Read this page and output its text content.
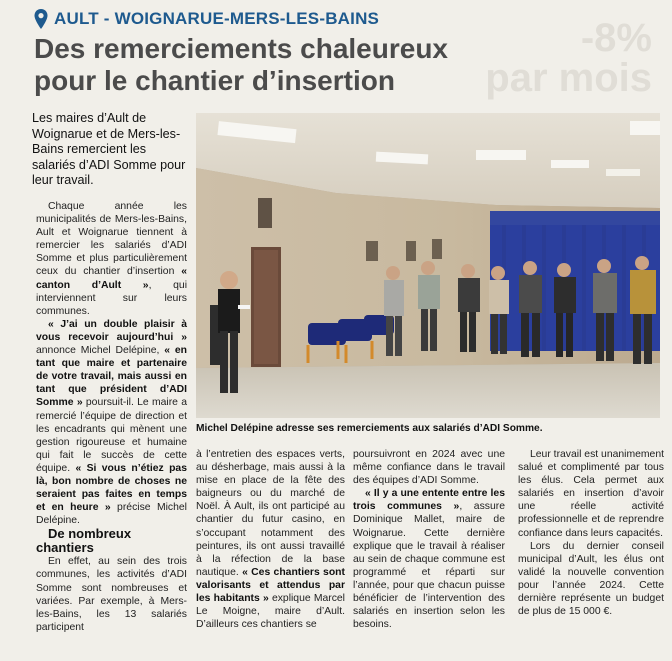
-8%
par mois
AULT - WOIGNARUE-MERS-LES-BAINS
Des remerciements chaleureux
pour le chantier d’insertion
Les maires d’Ault de Woignarue et de Mers-les-Bains remercient les salariés d’ADI Somme pour leur travail.
Michel Delépine adresse ses remerciements aux salariés d’ADI Somme.

Chaque année les municipalités de Mers-les-Bains, Ault et Woignarue tiennent à remercier les salariés d’ADI Somme et plus particulièrement ceux du chantier d’insertion « canton d’Ault », qui interviennent sur leurs communes.

« J’ai un double plaisir à vous recevoir aujourd’hui » annonce Michel Delépine, « en tant que maire et partenaire de votre travail, mais aussi en tant que président d’ADI Somme » poursuit-il. Le maire a remercié l’équipe de direction et les encadrants qui mènent une gestion rigoureuse et humaine qui fait le succès de cette équipe. « Si vous n’étiez pas là, bon nombre de choses ne seraient pas faites en temps et en heure » précise Michel Delépine.

De nombreux chantiers

En effet, au sein des trois communes, les activités d’ADI Somme sont nombreuses et variées. Par exemple, à Mers-les-Bains, les 13 salariés participent

à l’entretien des espaces verts, au désherbage, mais aussi à la mise en place de la fête des baigneurs ou du marché de Noël. À Ault, ils ont participé au chantier du futur casino, en s’occupant notamment des peintures, ils ont aussi travaillé à la réfection de la base nautique. « Ces chantiers sont valorisants et attendus par les habitants » explique Marcel Le Moigne, maire d’Ault. D’ailleurs ces chantiers se

poursuivront en 2024 avec une même confiance dans le travail des équipes d’ADI Somme.

« Il y a une entente entre les trois communes », assure Dominique Mallet, maire de Woignarue. Cette dernière explique que le travail à réaliser au sein de chaque commune est programmé et réparti sur l’année, pour que chacun puisse bénéficier de l’intervention des salariés en insertion selon les besoins.

Leur travail est unanimement salué et complimenté par tous les élus. Cela permet aux salariés en insertion d’avoir une réelle activité professionnelle et de reprendre confiance dans leurs capacités.

Lors du dernier conseil municipal d’Ault, les élus ont validé la nouvelle convention pour l’année 2024. Cette dernière représente un budget de plus de 15 000 €.
